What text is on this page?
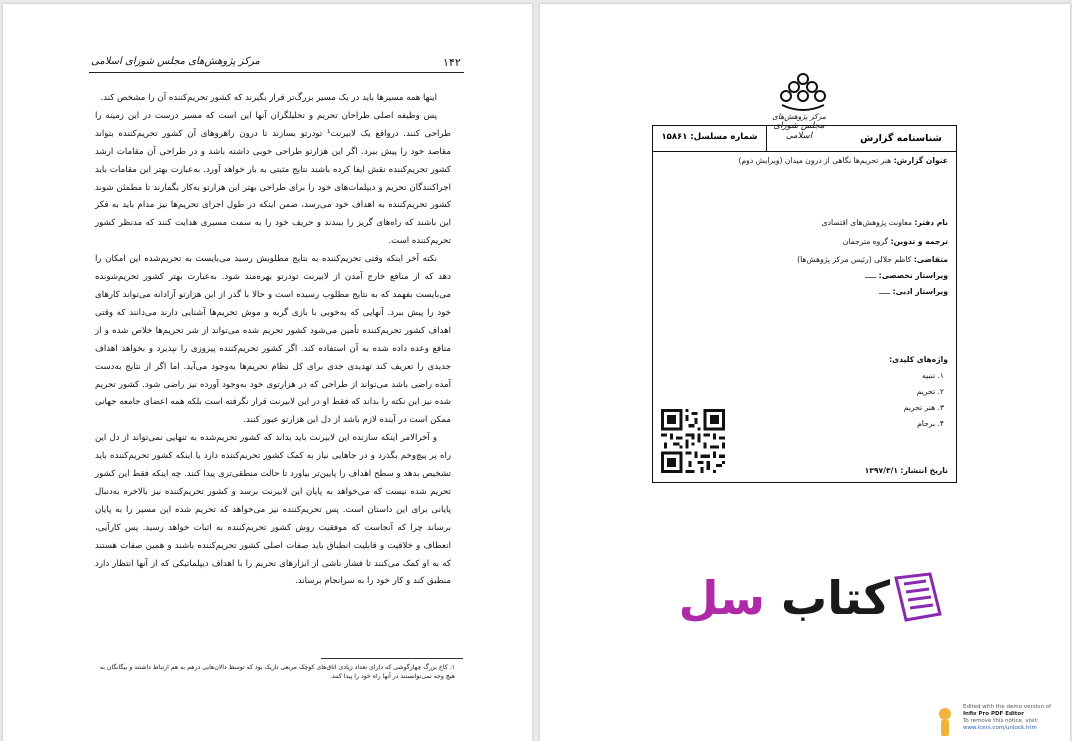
۱۴۲
مرکز پژوهش‌های مجلس شورای اسلامی

اینها همه مسیرها باید در یک مسیر بزرگ‌تر قرار بگیرند که کشور تحریم‌کننده آن را مشخص کند.

پس وظیفه اصلی طراحان تحریم و تحلیلگران آنها این است که مسیر درست در این زمینه را طراحی کنند. درواقع یک لابیرنت¹ تودرتو بسازند تا درون راهروهای آن کشور تحریم‌کننده بتواند مقاصد خود را پیش ببرد. اگر این هزارتو طراحی خوبی داشته باشد و در طراحی آن مقامات ارشد کشور تحریم‌کننده نقش ایفا کرده باشند نتایج مثبتی به بار خواهد آورد. به‌عبارت بهتر این مقامات باید اجراکنندگان تحریم و دیپلمات‌های خود را برای طراحی بهتر این هزارتو به‌کار بگمارند تا مطمئن شوند کشور تحریم‌کننده به اهداف خود می‌رسد، ضمن اینکه در طول اجرای تحریم‌ها نیز مدام باید به فکر این باشند که راه‌های گریز را ببندند و حریف خود را به سمت مسیری هدایت کنند که مدنظر کشور تحریم‌کننده است.

نکته آخر اینکه وقتی تحریم‌کننده به نتایج مطلوبش رسید می‌بایست به تحریم‌شده این امکان را دهد که از منافع خارج آمدن از لابیرنت تودرتو بهره‌مند شود. به‌عبارت بهتر کشور تحریم‌شونده می‌بایست بفهمد که به نتایج مطلوب رسیده است و حالا با گذر از این هزارتو آزادانه می‌تواند کارهای خود را پیش ببرد. آنهایی که به‌خوبی با بازی گربه و موش تحریم‌ها آشنایی دارند می‌دانند که وقتی اهداف کشور تحریم‌کننده تأمین می‌شود کشور تحریم شده می‌تواند از شر تحریم‌ها خلاص شده و از منافع وعده داده شده به آن استفاده کند. اگر کشور تحریم‌کننده پیروزی را نپذیرد و بخواهد اهداف جدیدی را تعریف کند تهدیدی جدی برای کل نظام تحریم‌ها به‌وجود می‌آید. اما اگر از نتایج به‌دست آمده راضی باشد می‌تواند از طراحی که در هزارتوی خود به‌وجود آورده نیز راضی شود. کشور تحریم شده نیز این نکته را بداند که فقط او در این لابیرنت قرار نگرفته است بلکه همه اعضای جامعه جهانی ممکن است در آینده لازم باشد از دل این هزارتو عبور کنند.

و آخرالامر اینکه سازنده این لابیرنت باید بداند که کشور تحریم‌شده به تنهایی نمی‌تواند از دل این راه پر پیچ‌وخم بگذرد و در جاهایی نیاز به کمک کشور تحریم‌کننده دارد یا اینکه کشور تحریم‌کننده باید تشخیص بدهد و سطح اهداف را پایین‌تر بیاورد تا حالت منطقی‌تری پیدا کنند. چه اینکه فقط این کشور تحریم شده نیست که می‌خواهد به پایان این لابیرنت برسد و کشور تحریم‌کننده نیز بالاخره به‌دنبال پایانی برای این داستان است. پس تحریم‌کننده نیز می‌خواهد که تحریم شده این مسیر را به پایان برساند چرا که آنجاست که موفقیت روش کشور تحریم‌کننده به اثبات خواهد رسید. پس کارآیی، انعطاف و خلاقیت و قابلیت انطباق باید صفات اصلی کشور تحریم‌کننده باشند و همین صفات هستند که به او کمک می‌کنند تا فشار ناشی از ابزارهای تحریم را با اهداف دیپلماتیکی که از آنها انتظار دارد منطبق کند و کار خود را به سرانجام برساند.

۱. کاخ بزرگ چهارگوشی که دارای تعداد زیادی اتاق‌های کوچک مربعی تاریک بود که توسط دالان‌هایی درهم به هم ارتباط داشتند و بیگانگان به هیچ وجه نمی‌توانستند در آنها راه خود را پیدا کنند.
مرکز پژوهش‌های
مجلس شورای اسلامی	شناسنامه گزارش
شماره مسلسل: ۱۵۸۶۱
عنوان گزارش: هنر تحریم‌ها نگاهی از درون میدان (ویرایش دوم)
نام دفتر: معاونت پژوهش‌های اقتصادی
ترجمه و تدوین: گروه مترجمان
متقاضی: کاظم جلالی (رئیس مرکز پژوهش‌ها)
ویراستار تخصصی: ـــــ
ویراستار ادبی: ـــــ
واژه‌های کلیدی:
۱. تنبیه
۲. تحریم
۳. هنر تحریم
۴. برجام
تاریخ انتشار: ۱۳۹۷/۳/۱
کتاب سل
Edited with the demo version of
Infix Pro PDF Editor
To remove this notice, visit:
www.iceni.com/unlock.htm
